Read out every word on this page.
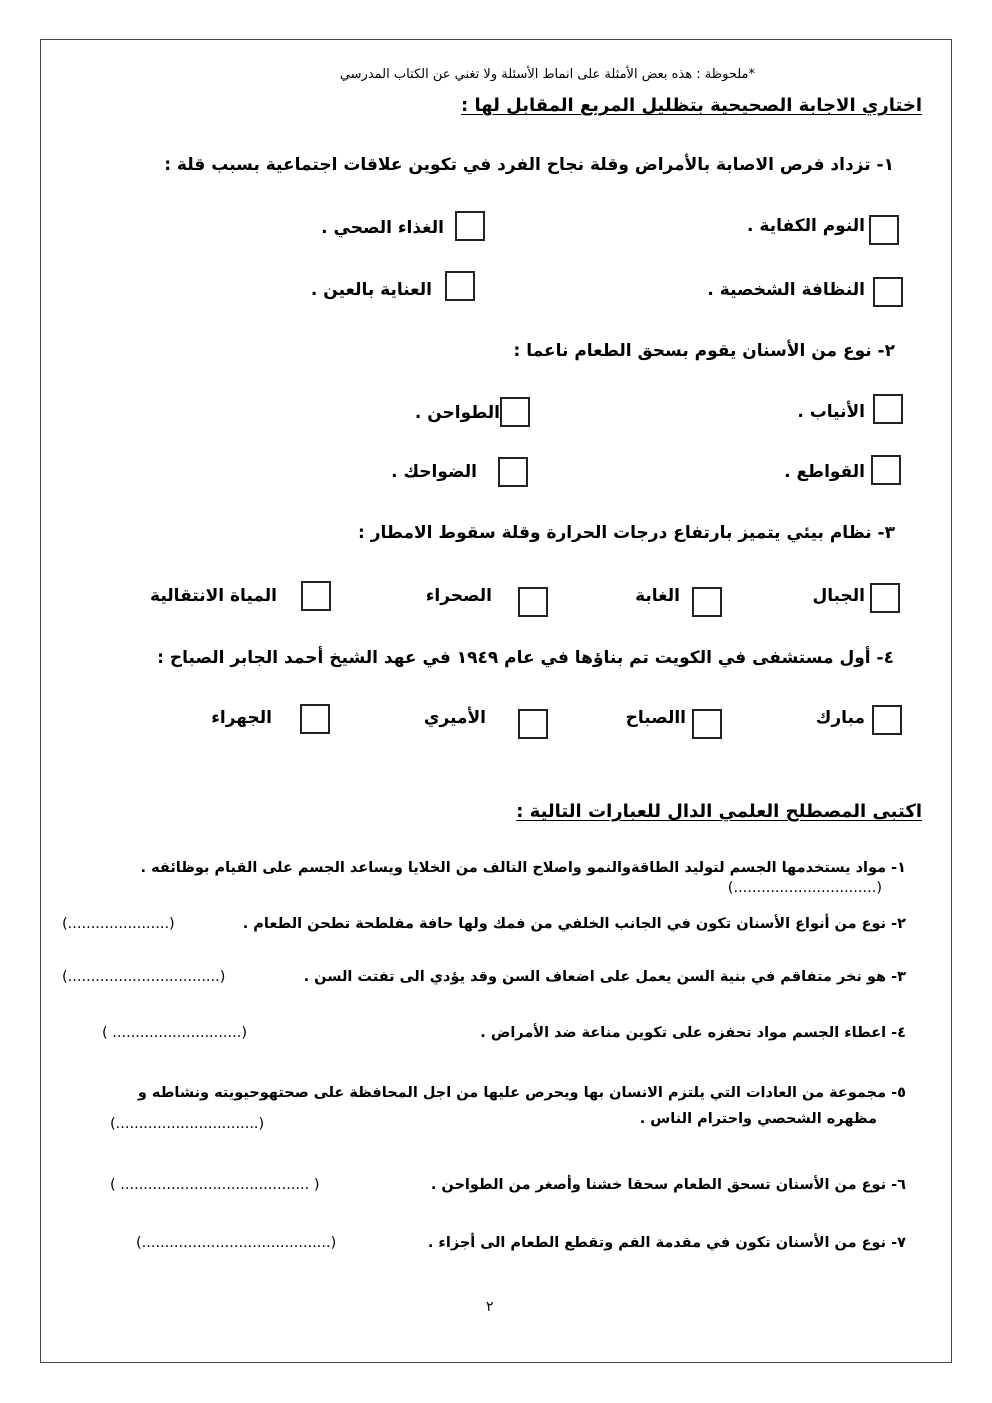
*ملحوظة : هذه بعض الأمثلة على انماط الأسئلة ولا تغني عن الكتاب المدرسي
اختاري الاجابة الصحيحية بتظليل المربع المقابل لها :
١- تزداد فرص الاصابة بالأمراض وقلة نجاح الفرد في تكوين علاقات اجتماعية بسبب قلة :
النوم الكفاية .
الغذاء الصحي .
النظافة الشخصية .
العناية بالعين .
٢- نوع من الأسنان يقوم بسحق الطعام ناعما :
الأنياب .
الطواحن .
القواطع .
الضواحك .
٣- نظام بيئي يتميز بارتفاع درجات الحرارة وقلة سقوط الامطار :
الجبال
الغابة
الصحراء
المياة الانتقالية
٤- أول مستشفى في الكويت تم بناؤها في عام ١٩٤٩ في عهد الشيخ أحمد الجابر الصباح :
مبارك
االصباح
الأميري
الجهراء
اكتبى المصطلح العلمي الدال للعبارات التالية :
١- مواد يستخدمها الجسم لتوليد الطاقةوالنمو واصلاح التالف من الخلايا ويساعد الجسم على القيام بوظائفه .
(...............................)
٢- نوع من أنواع الأسنان تكون في الجانب الخلفي من فمك ولها حافة مفلطحة تطحن الطعام .
(......................)
٣- هو نخر متفاقم في بنية السن يعمل على اضعاف السن وقد يؤدي الى تفتت السن .
(.................................)
٤- اعطاء الجسم مواد تحفزه على تكوين مناعة ضد الأمراض .
( ............................)
٥- مجموعة من العادات التي يلتزم الانسان بها ويحرص عليها من اجل المحافظة على صحتهوحيويته ونشاطه و
مظهره الشحصي واحترام الناس .
(...............................)
٦- نوع من الأسنان تسحق الطعام سحقا خشنا وأصغر من الطواحن .
( ......................................... )
٧- نوع من الأسنان تكون في مقدمة الفم وتقطع الطعام الى أجزاء .
(.........................................)
٢
